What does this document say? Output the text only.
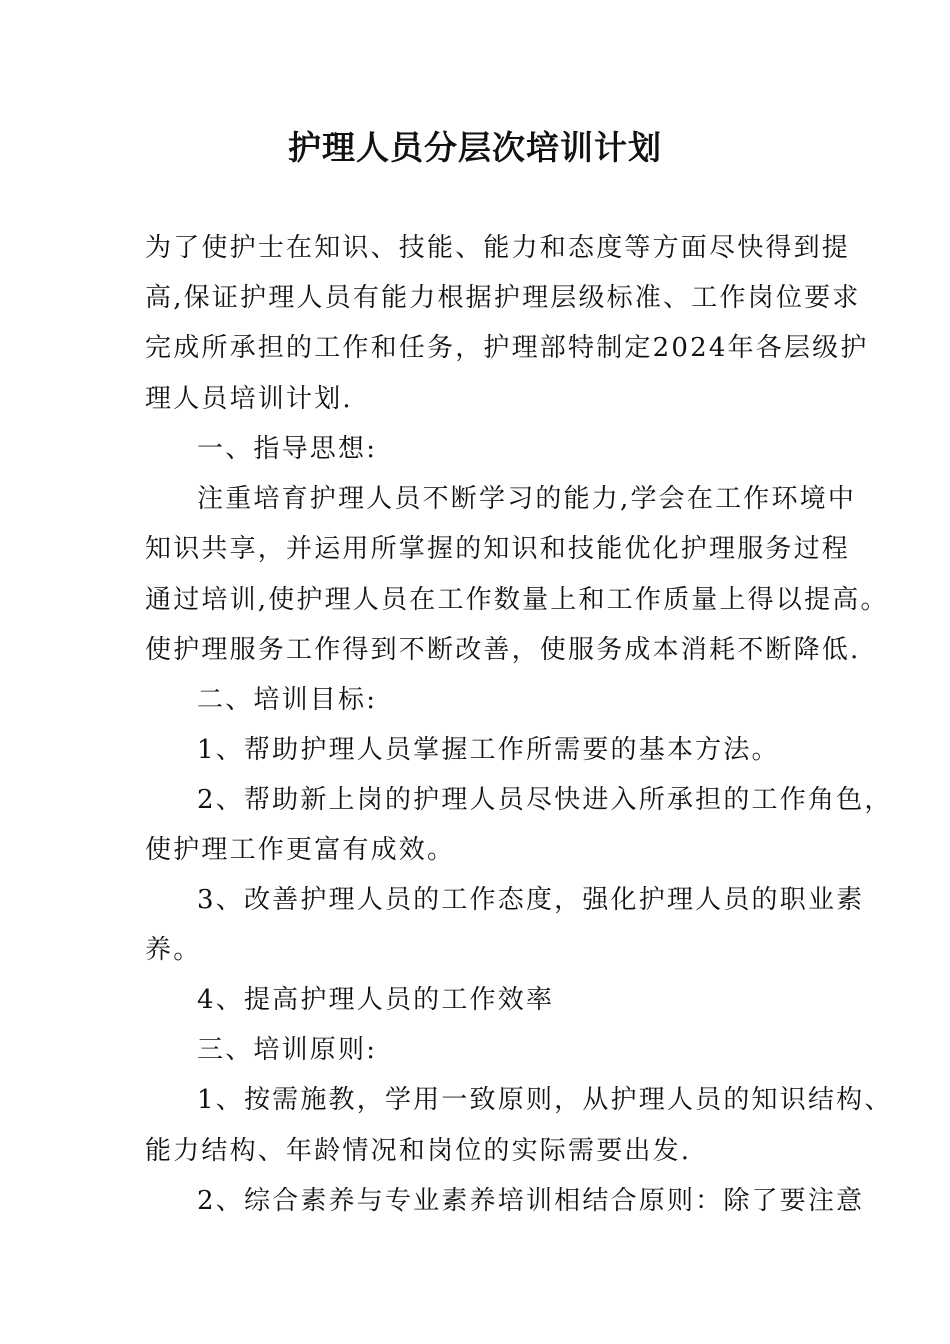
护理人员分层次培训计划
为了使护士在知识、技能、能力和态度等方面尽快得到提
高,保证护理人员有能力根据护理层级标准、工作岗位要求
完成所承担的工作和任务，护理部特制定2024年各层级护
理人员培训计划.
一、指导思想:
注重培育护理人员不断学习的能力,学会在工作环境中
知识共享，并运用所掌握的知识和技能优化护理服务过程
通过培训,使护理人员在工作数量上和工作质量上得以提高。
使护理服务工作得到不断改善，使服务成本消耗不断降低.
二、培训目标:
1、帮助护理人员掌握工作所需要的基本方法。
2、帮助新上岗的护理人员尽快进入所承担的工作角色，
使护理工作更富有成效。
3、改善护理人员的工作态度，强化护理人员的职业素
养。
4、提高护理人员的工作效率
三、培训原则:
1、按需施教，学用一致原则，从护理人员的知识结构、
能力结构、年龄情况和岗位的实际需要出发.
2、综合素养与专业素养培训相结合原则：除了要注意
